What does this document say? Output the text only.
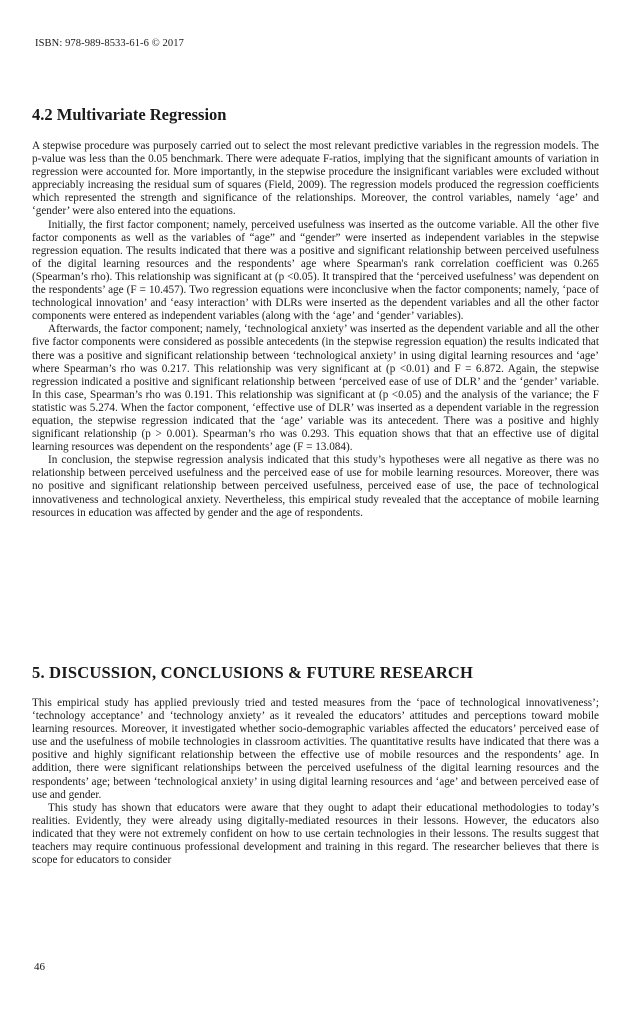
ISBN: 978-989-8533-61-6 © 2017
4.2 Multivariate Regression

A stepwise procedure was purposely carried out to select the most relevant predictive variables in the regression models. The p-value was less than the 0.05 benchmark. There were adequate F-ratios, implying that the significant amounts of variation in regression were accounted for. More importantly, in the stepwise procedure the insignificant variables were excluded without appreciably increasing the residual sum of squares (Field, 2009). The regression models produced the regression coefficients which represented the strength and significance of the relationships. Moreover, the control variables, namely ‘age’ and ‘gender’ were also entered into the equations.

Initially, the first factor component; namely, perceived usefulness was inserted as the outcome variable. All the other five factor components as well as the variables of “age” and “gender” were inserted as independent variables in the stepwise regression equation. The results indicated that there was a positive and significant relationship between perceived usefulness of the digital learning resources and the respondents’ age where Spearman's rank correlation coefficient was 0.265 (Spearman’s rho). This relationship was significant at (p <0.05). It transpired that the ‘perceived usefulness’ was dependent on the respondents’ age (F = 10.457). Two regression equations were inconclusive when the factor components; namely, ‘pace of technological innovation’ and ‘easy interaction’ with DLRs were inserted as the dependent variables and all the other factor components were entered as independent variables (along with the ‘age’ and ‘gender’ variables).

Afterwards, the factor component; namely, ‘technological anxiety’ was inserted as the dependent variable and all the other five factor components were considered as possible antecedents (in the stepwise regression equation) the results indicated that there was a positive and significant relationship between ‘technological anxiety’ in using digital learning resources and ‘age’ where Spearman’s rho was 0.217. This relationship was very significant at (p <0.01) and F = 6.872. Again, the stepwise regression indicated a positive and significant relationship between ‘perceived ease of use of DLR’ and the ‘gender’ variable. In this case, Spearman’s rho was 0.191. This relationship was significant at (p <0.05) and the analysis of the variance; the F statistic was 5.274. When the factor component, ‘effective use of DLR’ was inserted as a dependent variable in the regression equation, the stepwise regression indicated that the ‘age’ variable was its antecedent. There was a positive and highly significant relationship (p > 0.001). Spearman’s rho was 0.293. This equation shows that that an effective use of digital learning resources was dependent on the respondents’ age (F = 13.084).

In conclusion, the stepwise regression analysis indicated that this study’s hypotheses were all negative as there was no relationship between perceived usefulness and the perceived ease of use for mobile learning resources. Moreover, there was no positive and significant relationship between perceived usefulness, perceived ease of use, the pace of technological innovativeness and technological anxiety. Nevertheless, this empirical study revealed that the acceptance of mobile learning resources in education was affected by gender and the age of respondents.

5. DISCUSSION, CONCLUSIONS & FUTURE RESEARCH

This empirical study has applied previously tried and tested measures from the ‘pace of technological innovativeness’; ‘technology acceptance’ and ‘technology anxiety’ as it revealed the educators’ attitudes and perceptions toward mobile learning resources. Moreover, it investigated whether socio-demographic variables affected the educators’ perceived ease of use and the usefulness of mobile technologies in classroom activities. The quantitative results have indicated that there was a positive and highly significant relationship between the effective use of mobile resources and the respondents’ age. In addition, there were significant relationships between the perceived usefulness of the digital learning resources and the respondents’ age; between ‘technological anxiety’ in using digital learning resources and ‘age’ and between perceived ease of use and gender.

This study has shown that educators were aware that they ought to adapt their educational methodologies to today’s realities. Evidently, they were already using digitally-mediated resources in their lessons. However, the educators also indicated that they were not extremely confident on how to use certain technologies in their lessons. The results suggest that teachers may require continuous professional development and training in this regard. The researcher believes that there is scope for educators to consider

46
